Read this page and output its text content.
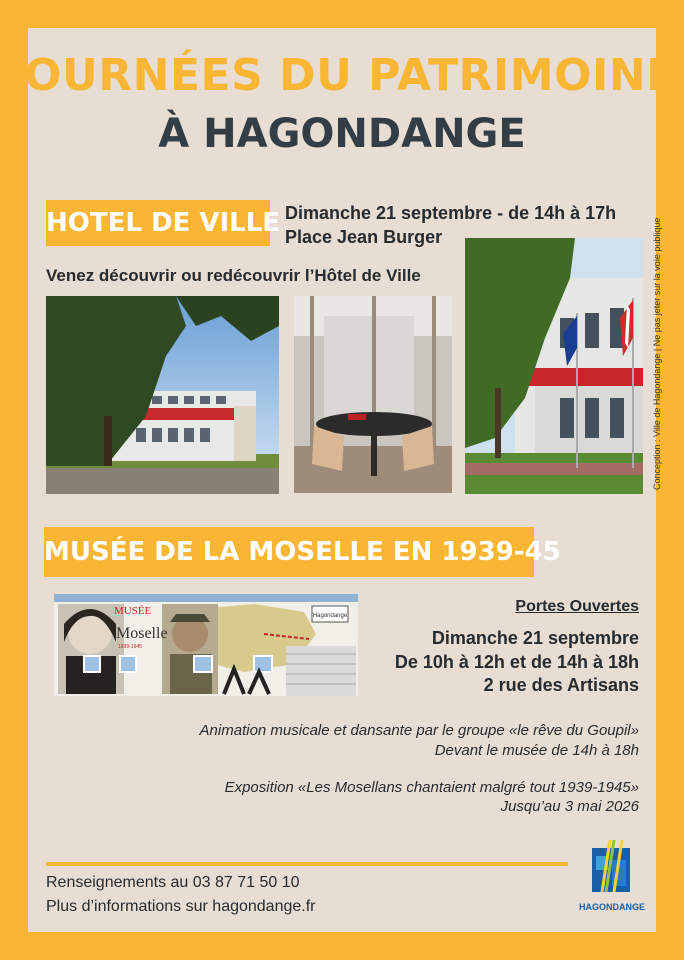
JOURNÉES DU PATRIMOINE
À HAGONDANGE
HOTEL DE VILLE Dimanche 21 septembre - de 14h à 17h
Place Jean Burger
Venez découvrir ou redécouvrir l’Hôtel de Ville	Conception : Ville de Hagondange | Ne pas jeter sur la voie publique
MUSÉE DE LA MOSELLE EN 1939-45
Hagondange
MUSÉE
Moselle
1939-1945
Portes Ouvertes
Dimanche 21 septembre
De 10h à 12h et de 14h à 18h
2 rue des Artisans
Animation musicale et dansante par le groupe «le rêve du Goupil»
Devant le musée de 14h à 18h
Exposition «Les Mosellans chantaient malgré tout 1939-1945»
Jusqu’au 3 mai 2026
Renseignements au 03 87 71 50 10
Plus d’informations sur hagondange.fr	HAGONDANGE
